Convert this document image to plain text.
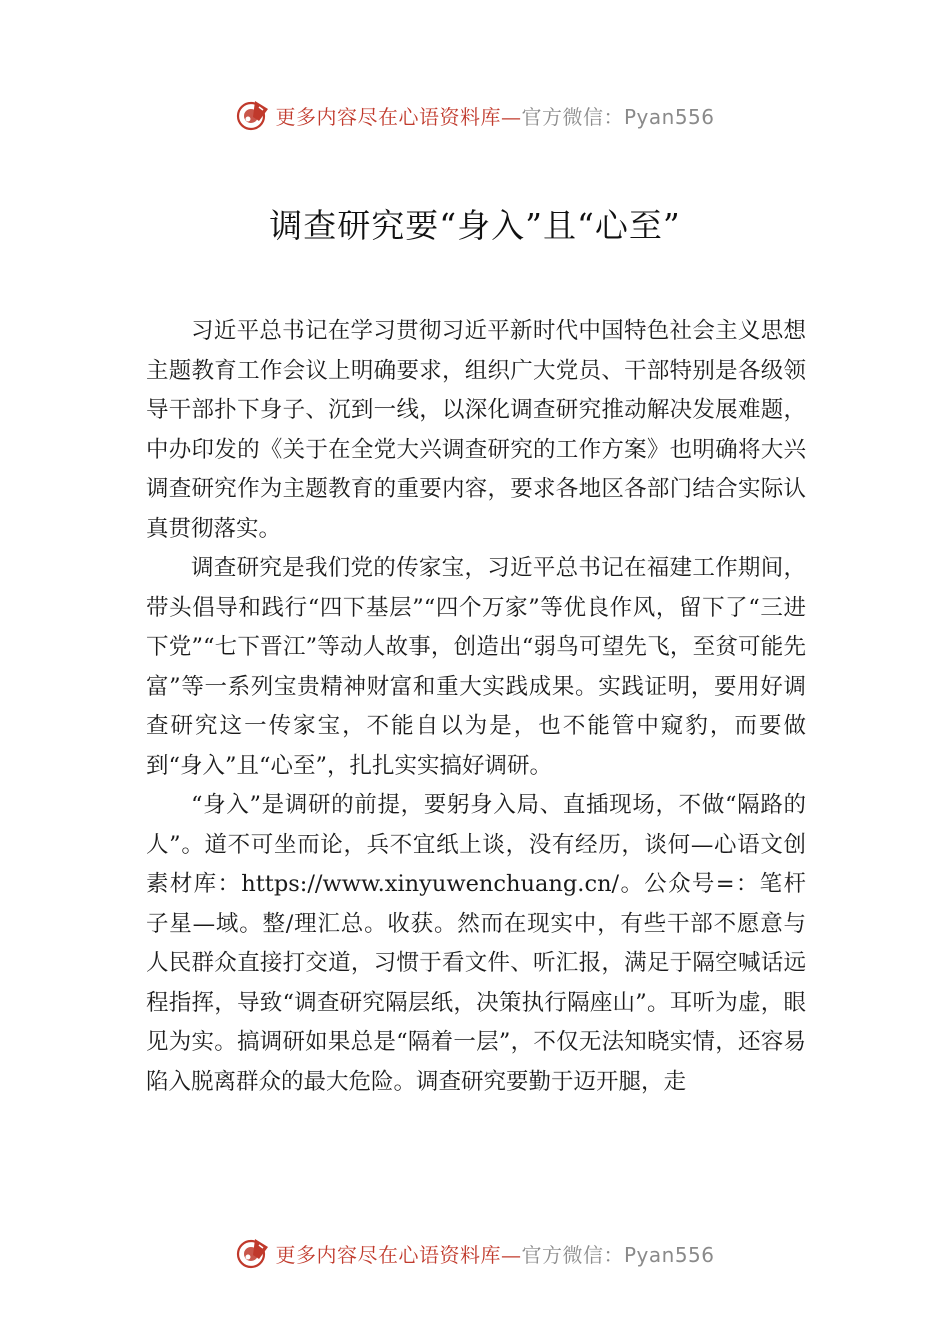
更多内容尽在心语资料库—官方微信：Pyan556
调查研究要“身入”且“心至”

习近平总书记在学习贯彻习近平新时代中国特色社会主义思想主题教育工作会议上明确要求，组织广大党员、干部特别是各级领导干部扑下身子、沉到一线，以深化调查研究推动解决发展难题，中办印发的《关于在全党大兴调查研究的工作方案》也明确将大兴调查研究作为主题教育的重要内容，要求各地区各部门结合实际认真贯彻落实。

调查研究是我们党的传家宝，习近平总书记在福建工作期间，带头倡导和践行“四下基层”“四个万家”等优良作风，留下了“三进下党”“七下晋江”等动人故事，创造出“弱鸟可望先飞，至贫可能先富”等一系列宝贵精神财富和重大实践成果。实践证明，要用好调查研究这一传家宝，不能自以为是，也不能管中窥豹，而要做到“身入”且“心至”，扎扎实实搞好调研。

“身入”是调研的前提，要躬身入局、直插现场，不做“隔路的人”。道不可坐而论，兵不宜纸上谈，没有经历，谈何—心语文创素材库：https://www.xinyuwenchuang.cn/。公众号=：笔杆子星—域。整/理汇总。收获。然而在现实中，有些干部不愿意与人民群众直接打交道，习惯于看文件、听汇报，满足于隔空喊话远程指挥，导致“调查研究隔层纸，决策执行隔座山”。耳听为虚，眼见为实。搞调研如果总是“隔着一层”，不仅无法知晓实情，还容易陷入脱离群众的最大危险。调查研究要勤于迈开腿，走

更多内容尽在心语资料库—官方微信：Pyan556
